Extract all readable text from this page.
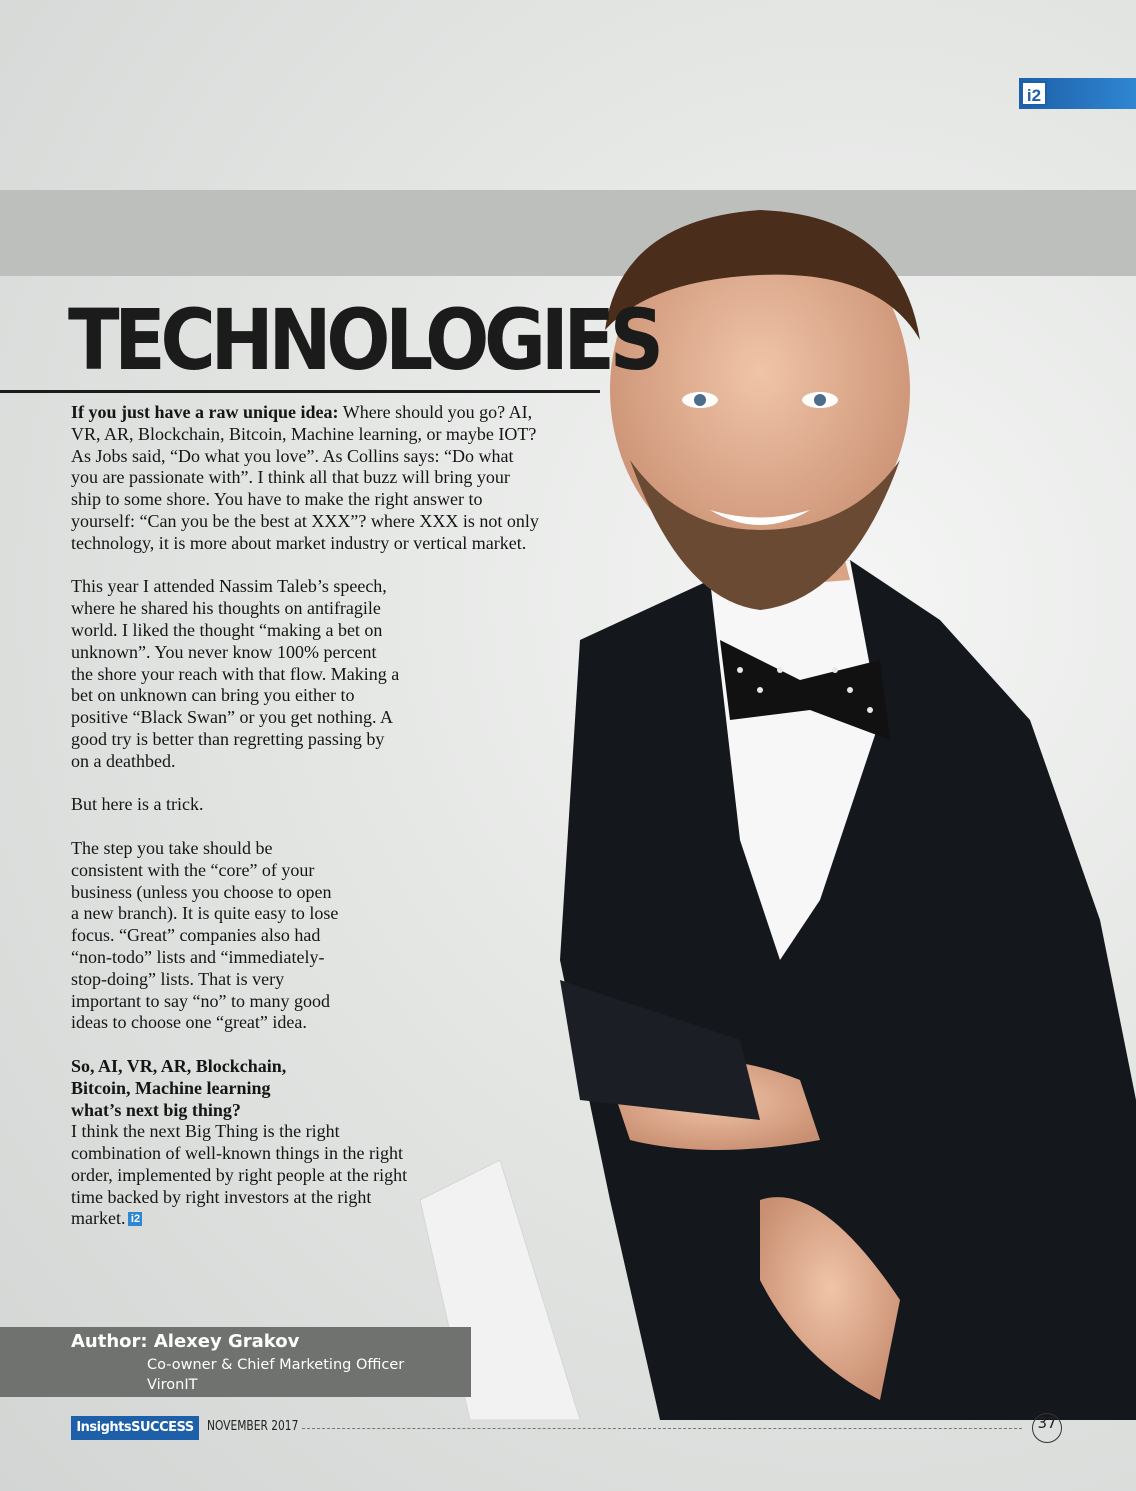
i2
TECHNOLOGIES

If you just have a raw unique idea: Where should you go? AI, VR, AR, Blockchain, Bitcoin, Machine learning, or maybe IOT? As Jobs said, “Do what you love”. As Collins says: “Do what you are passionate with”. I think all that buzz will bring your ship to some shore. You have to make the right answer to yourself: “Can you be the best at XXX”? where XXX is not only technology, it is more about market industry or vertical market.

This year I attended Nassim Taleb’s speech, where he shared his thoughts on antifragile world. I liked the thought “making a bet on unknown”. You never know 100% percent the shore your reach with that flow. Making a bet on unknown can bring you either to positive “Black Swan” or you get nothing. A good try is better than regretting passing by on a deathbed.

But here is a trick.

The step you take should be consistent with the “core” of your business (unless you choose to open a new branch). It is quite easy to lose focus. “Great” companies also had “non-todo” lists and “immediately-stop-doing” lists. That is very important to say “no” to many good ideas to choose one “great” idea.

So, AI, VR, AR, Blockchain, Bitcoin, Machine learning what’s next big thing?
I think the next Big Thing is the right combination of well-known things in the right order, implemented by right people at the right time backed by right investors at the right market. i2

Author: Alexey Grakov
Co-owner & Chief Marketing Officer
VironIT
InsightsSUCCESS	NOVEMBER 2017	37
